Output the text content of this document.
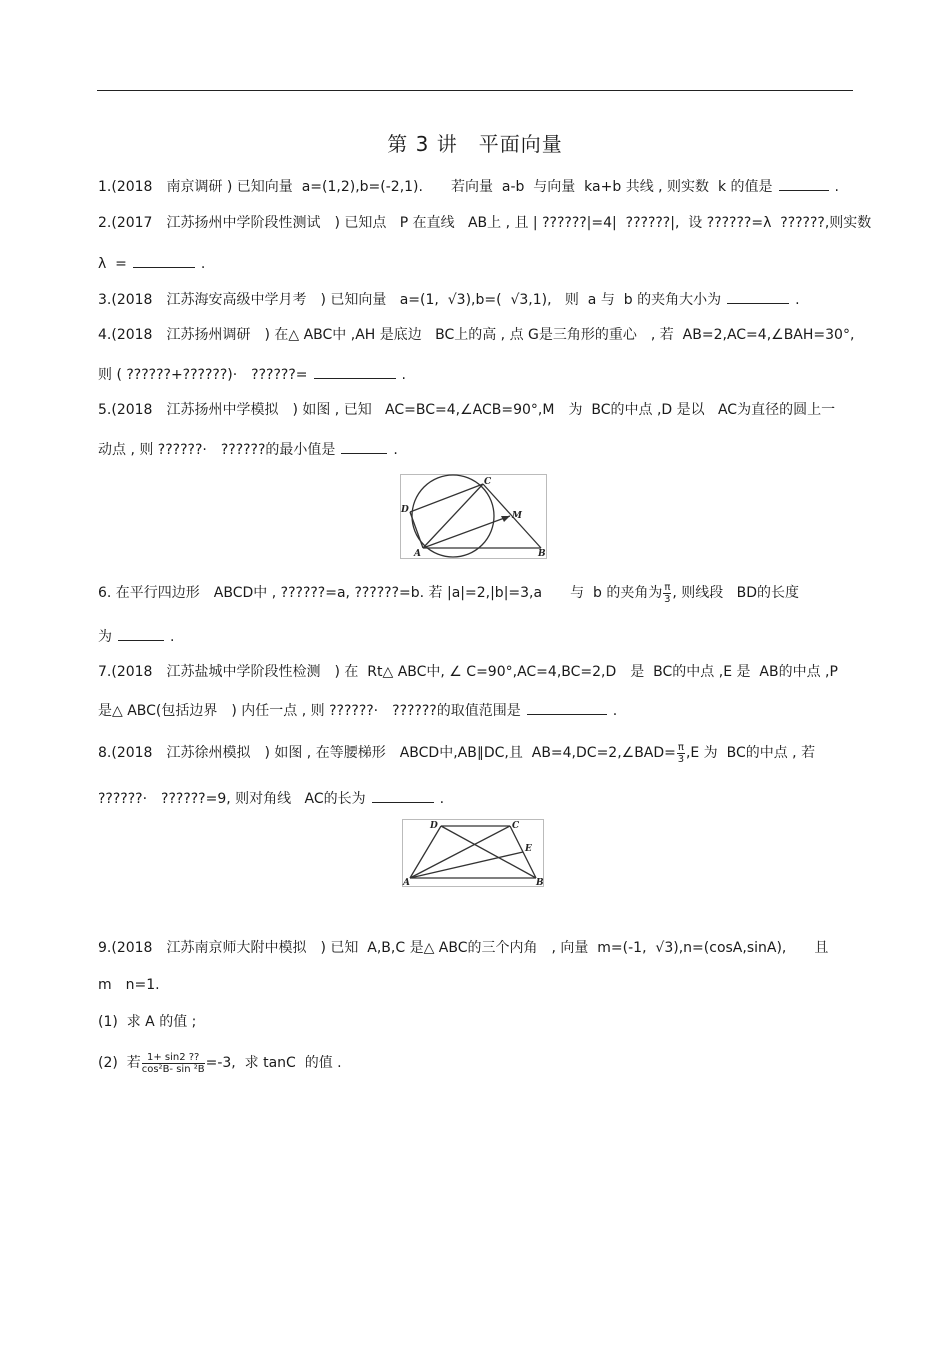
第 3 讲　平面向量
1.(2018　南京调研 ) 已知向量  a=(1,2),b=(-2,1).　　若向量  a-b  与向量  ka+b 共线 , 则实数  k 的值是	.
2.(2017　江苏扬州中学阶段性测试　) 已知点   P 在直线   AB上 , 且 | ??????|=4|  ??????|,  设 ??????=λ  ??????,则实数
λ  =	.
3.(2018　江苏海安高级中学月考　) 已知向量   a=(1,  √3),b=(  √3,1),   则  a 与  b 的夹角大小为	.
4.(2018　江苏扬州调研　) 在△ ABC中 ,AH 是底边   BC上的高 , 点 G是三角形的重心　, 若  AB=2,AC=4,∠BAH=30°,
则 ( ??????+??????)·　??????=	.
5.(2018　江苏扬州中学模拟　) 如图 , 已知   AC=BC=4,∠ACB=90°,M　为  BC的中点 ,D 是以   AC为直径的圆上一
动点 , 则 ??????·　??????的最小值是	.
D
C
M
A	B
6. 在平行四边形　ABCD中 , ??????=a, ??????=b. 若 |a|=2,|b|=3,a　　与  b 的夹角为 $\frac{\pi}{3}$ , 则线段   BD的长度
为	.
7.(2018　江苏盐城中学阶段性检测　) 在  Rt△ ABC中, ∠ C=90°,AC=4,BC=2,D　是  BC的中点 ,E 是  AB的中点 ,P
是△ ABC(包括边界　) 内任一点 , 则 ??????·　??????的取值范围是	.
8.(2018　江苏徐州模拟　) 如图 , 在等腰梯形　ABCD中,AB∥DC,且  AB=4,DC=2,∠BAD= $\frac{\pi}{3} ,E$ 为  BC的中点 , 若
??????·　??????=9, 则对角线   AC的长为	.
D	C
E
A	B
9.(2018　江苏南京师大附中模拟　) 已知  A,B,C 是△ ABC的三个内角　, 向量  m=(-1,  √3),n=(cosA,sinA),　　且
m　n=1.
(1)  求 A 的值 ;
(2)  若 $\frac{1+ \sin 2 ??}{\text{cos²B- sin ²B}} =-3$,  求 tanC  的值 .
